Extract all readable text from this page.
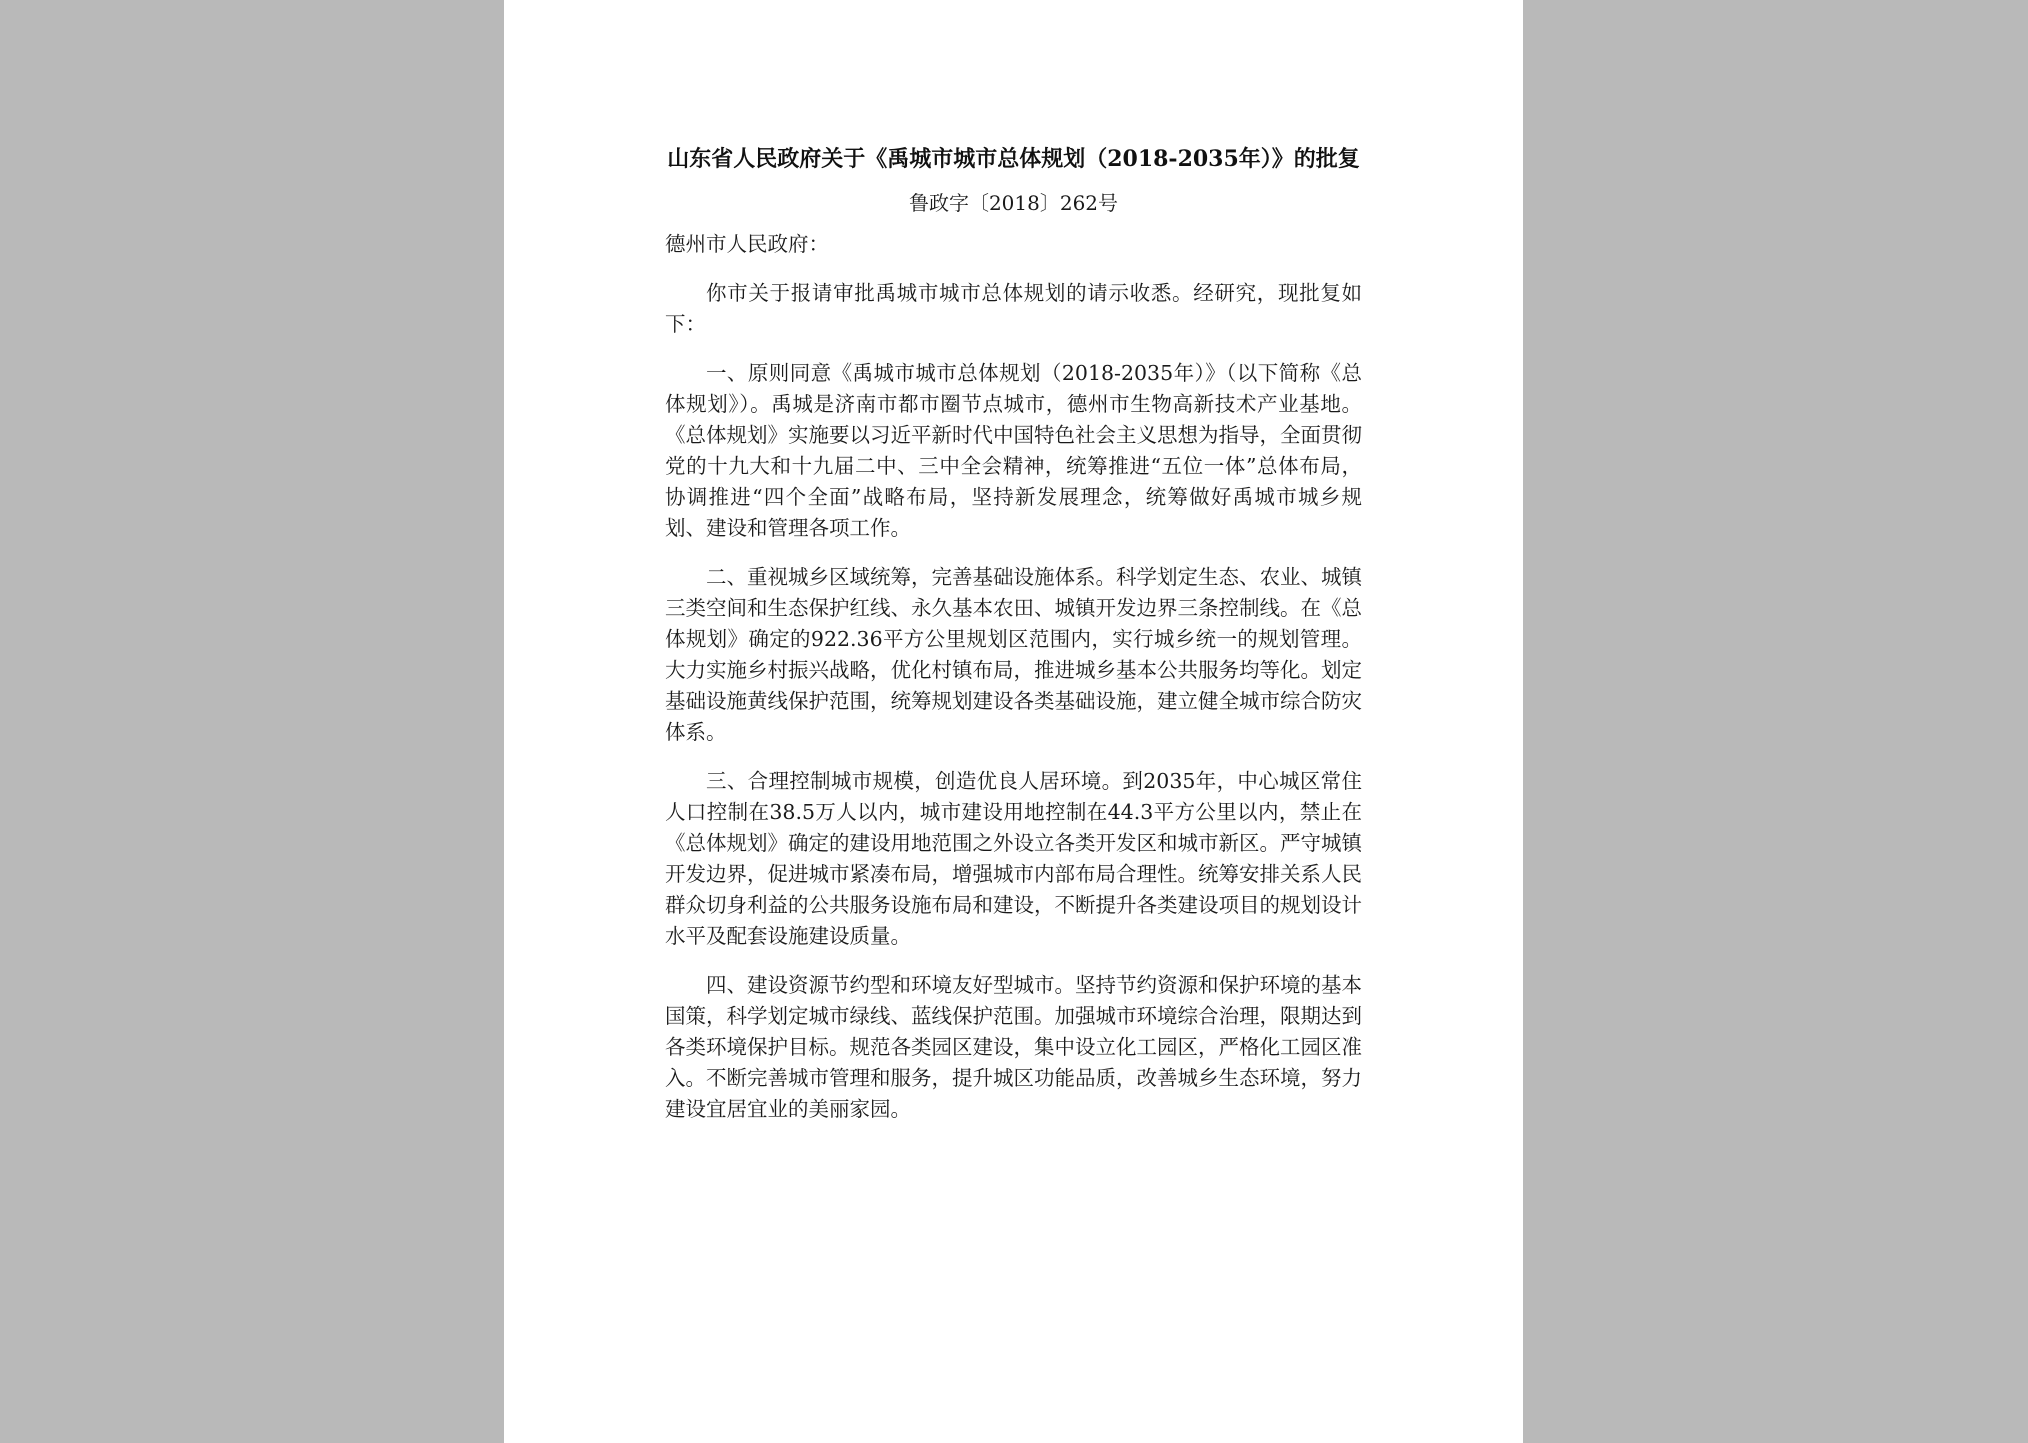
山东省人民政府关于《禹城市城市总体规划（2018-2035年）》的批复

鲁政字〔2018〕262号

德州市人民政府：

你市关于报请审批禹城市城市总体规划的请示收悉。经研究，现批复如下：

一、原则同意《禹城市城市总体规划（2018-2035年）》（以下简称《总体规划》）。禹城是济南市都市圈节点城市，德州市生物高新技术产业基地。《总体规划》实施要以习近平新时代中国特色社会主义思想为指导，全面贯彻党的十九大和十九届二中、三中全会精神，统筹推进“五位一体”总体布局，协调推进“四个全面”战略布局，坚持新发展理念，统筹做好禹城市城乡规划、建设和管理各项工作。

二、重视城乡区域统筹，完善基础设施体系。科学划定生态、农业、城镇三类空间和生态保护红线、永久基本农田、城镇开发边界三条控制线。在《总体规划》确定的922.36平方公里规划区范围内，实行城乡统一的规划管理。大力实施乡村振兴战略，优化村镇布局，推进城乡基本公共服务均等化。划定基础设施黄线保护范围，统筹规划建设各类基础设施，建立健全城市综合防灾体系。

三、合理控制城市规模，创造优良人居环境。到2035年，中心城区常住人口控制在38.5万人以内，城市建设用地控制在44.3平方公里以内，禁止在《总体规划》确定的建设用地范围之外设立各类开发区和城市新区。严守城镇开发边界，促进城市紧凑布局，增强城市内部布局合理性。统筹安排关系人民群众切身利益的公共服务设施布局和建设，不断提升各类建设项目的规划设计水平及配套设施建设质量。

四、建设资源节约型和环境友好型城市。坚持节约资源和保护环境的基本国策，科学划定城市绿线、蓝线保护范围。加强城市环境综合治理，限期达到各类环境保护目标。规范各类园区建设，集中设立化工园区，严格化工园区准入。不断完善城市管理和服务，提升城区功能品质，改善城乡生态环境，努力建设宜居宜业的美丽家园。
